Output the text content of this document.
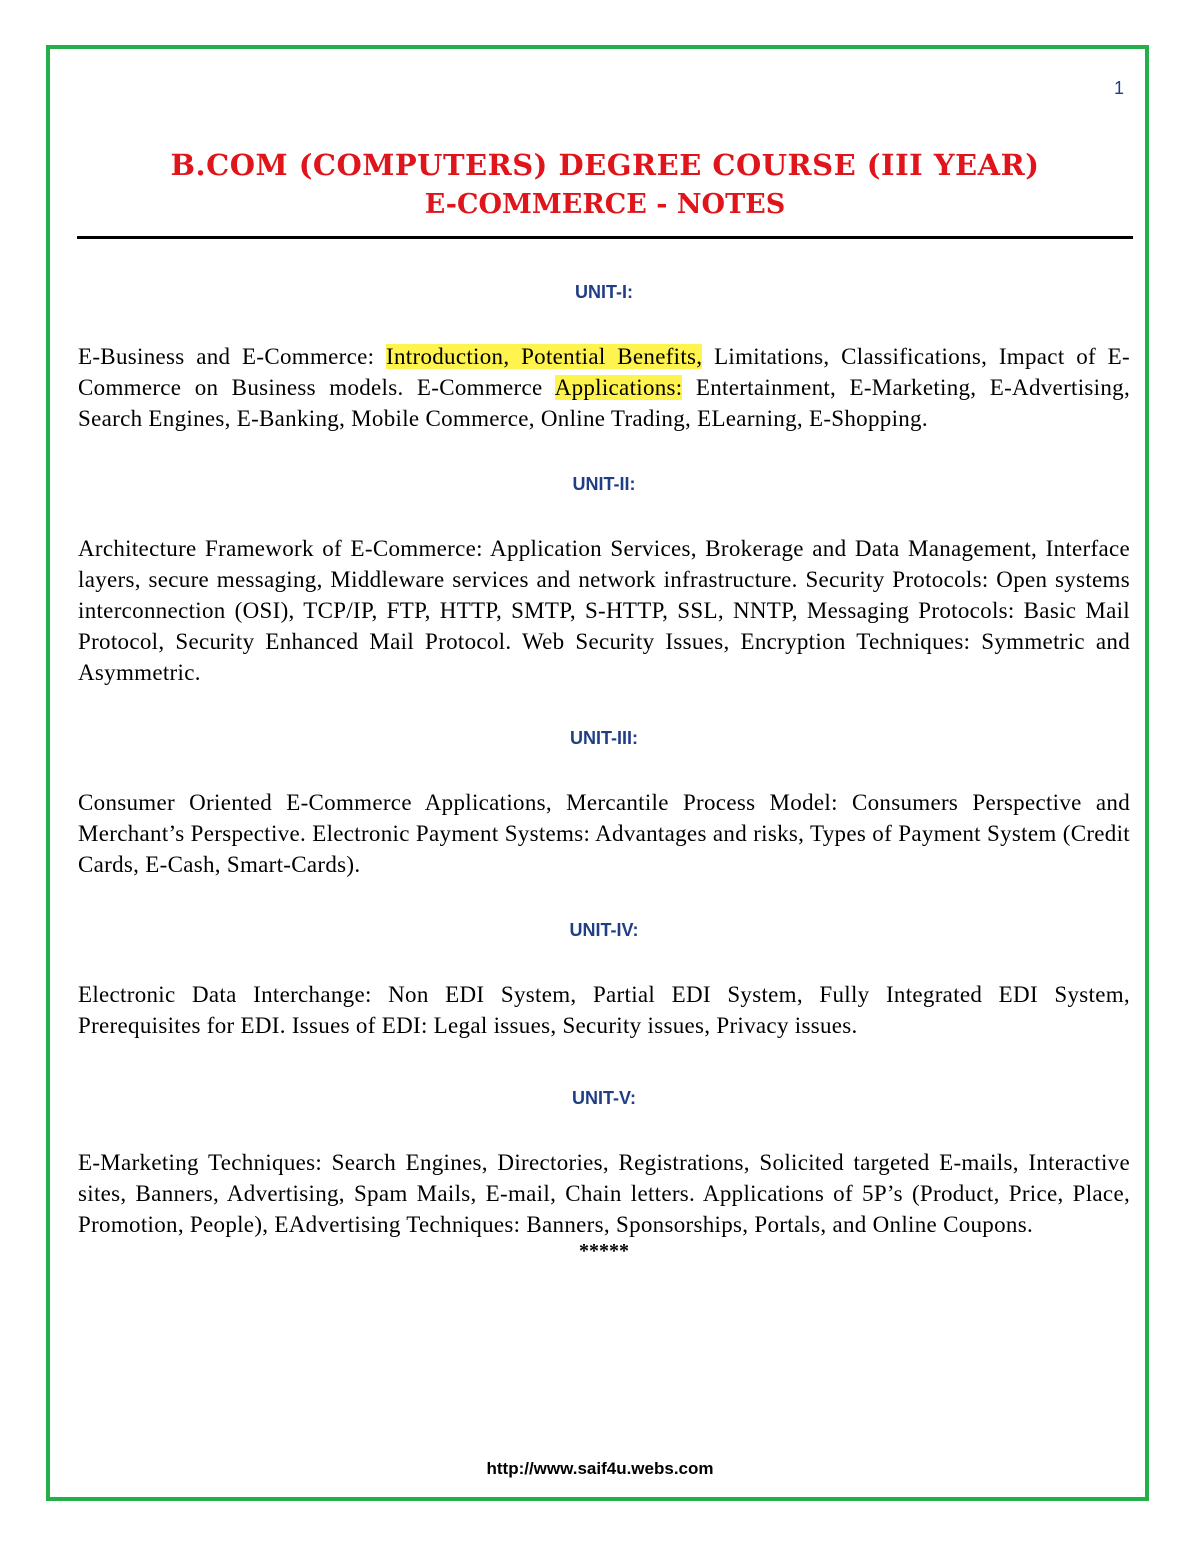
1

B.COM (COMPUTERS) DEGREE COURSE (III YEAR)

E-COMMERCE - NOTES

UNIT-I:

E-Business and E-Commerce: Introduction, Potential Benefits, Limitations, Classifications, Impact of E-Commerce on Business models. E-Commerce Applications: Entertainment, E-Marketing, E-Advertising, Search Engines, E-Banking, Mobile Commerce, Online Trading, ELearning, E-Shopping.

UNIT-II:

Architecture Framework of E-Commerce: Application Services, Brokerage and Data Management, Interface layers, secure messaging, Middleware services and network infrastructure. Security Protocols: Open systems interconnection (OSI), TCP/IP, FTP, HTTP, SMTP, S-HTTP, SSL, NNTP, Messaging Protocols: Basic Mail Protocol, Security Enhanced Mail Protocol. Web Security Issues, Encryption Techniques: Symmetric and Asymmetric.

UNIT-III:

Consumer Oriented E-Commerce Applications, Mercantile Process Model: Consumers Perspective and Merchant’s Perspective. Electronic Payment Systems: Advantages and risks, Types of Payment System (Credit Cards, E-Cash, Smart-Cards).

UNIT-IV:

Electronic Data Interchange: Non EDI System, Partial EDI System, Fully Integrated EDI System, Prerequisites for EDI. Issues of EDI: Legal issues, Security issues, Privacy issues.

UNIT-V:

E-Marketing Techniques: Search Engines, Directories, Registrations, Solicited targeted E-mails, Interactive sites, Banners, Advertising, Spam Mails, E-mail, Chain letters. Applications of 5P’s (Product, Price, Place, Promotion, People), EAdvertising Techniques: Banners, Sponsorships, Portals, and Online Coupons.

*****

http://www.saif4u.webs.com
